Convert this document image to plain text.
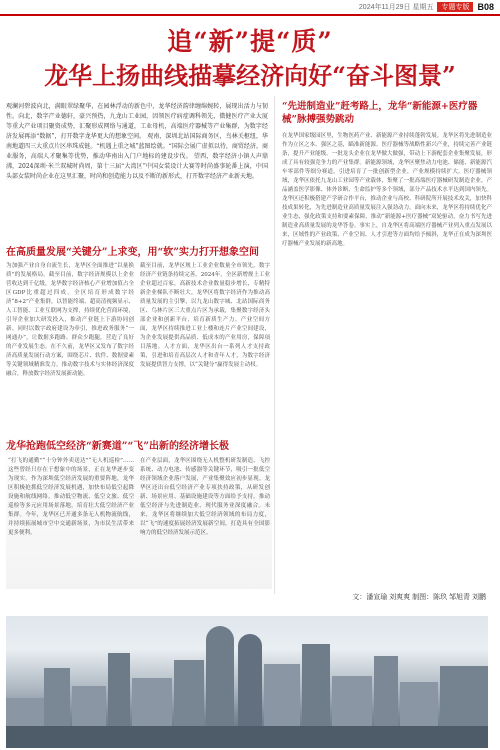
2024年11月29日 星期五	专题专版 B08
追“新”提“质”
龙华上扬曲线描摹经济向好“奋斗图景”
观澜河碧波向北，满眼翠绿聚华，在园林浮动的新色中，龙华经济韵律缠绵婉转，展现出活力与韧性。向北，数字产业德轩，豪兴预热，九龙山工业园，因领医疗病症调科领先，微健医疗产业大厦等重大产业项目聚资成势，汇聚形成网络与通道，工业母机，高端医疗器械等产业集群，为数字经济发展再添“数据”，打开数字龙华更大的想象空间。 观南，深圳北站国际商务区，鸟林关枢纽，华南地道四三大重点片区串珠成链。“机遇上重之城”蓝图绘就。“国际会展广虚拟以待，商贸经济，商业服务，高端人才聚集等优势，推动华南出入门户地标的建设步伐。 望西，数字经济小镇人声鼎沸，2024深圳·米兰双城时尚周，第十三届“大湾区”中国女装设计大赛等时尚盛事轮番上演，中国头部女装时尚企业在这里汇聚，时尚和创造能力以及不断的新形式，打开数字经济产业新天地。
在高质量发展“关键分”上求变，用“软”实力打开想象空间
为加强产业自身自流生长，龙华区全面推进“以量换质”的发展格局。截至目前，数字经济规模以上企业营收达到千亿级，龙华数字经济核心产业增加值占全区GDP比重超过四成。全区培育形成数字经济“8+2”产业集群，以智能终端、超高清视频显示、人工智能、工业互联网为支撑，持续优化营商环境，引导企业加大研发投入，推动产业链上下游协同创新。同时以数字政府建设为牵引，推进政务服务“一网通办”，让数据多跑路、群众少跑腿，营造了良好的产业发展生态。在不久前，龙华区又发布了数字经济高质量发展行动方案，围绕芯片、软件、数据要素等关键领域精准发力，推动数字技术与实体经济深度融合，释放数字经济发展新动能。
截至目前，龙华区规上工业企业数量全市领先，数字经济产业链条持续完善。2024年，全区新增规上工业企业超过百家，高新技术企业数量稳步增长，专精特新企业梯队不断壮大。龙华区将数字经济作为推动高质量发展的主引擎，以九龙山数字城、北站国际商务区、鸟林片区三大重点片区为承载，集聚数字经济头部企业和创新平台，培育新质生产力。产业空间方面，龙华区持续推进工业上楼和连片产业空间建设，为企业发展提供高品质、低成本的产业用房，保障项目落地。人才方面，龙华区出台一系列人才支持政策，引进和培育高层次人才和青年人才，为数字经济发展提供智力支撑，以“关键分”赢得发展主动权。
龙华抢跑低空经济“新赛道”“飞”出新的经济增长极
“打飞的通勤”“十分钟外卖送达”“无人机巡检”……这些曾经只存在于想象中的场景，正在龙华逐步变为现实。作为深圳低空经济发展的重要阵地，龙华区积极抢抓低空经济发展机遇，加快布局低空起降设施和航线网络，推动低空物流、低空文旅、低空巡检等多元应用场景落地，培育壮大低空经济产业集群。今年，龙华区已开通多条无人机物流航线，并持续拓展城市空中交通新场景，为市民生活带来更多便利。
在产业层面，龙华区围绕无人机整机研发制造、飞控系统、动力电池、传感器等关键环节，吸引一批低空经济领域企业落户发展，产业集聚效应初步显现。龙华区还出台低空经济产业专项扶持政策，从研发创新、场景应用、基础设施建设等方面给予支持，推动低空经济与先进制造业、现代服务业深度融合。未来，龙华区将继续加大低空经济领域的布局力度，以“飞”的速度拓展经济发展新空间，打造具有全国影响力的低空经济发展示范区。
“先进制造业”赶考路上，龙华“新能源+医疗器械”脉搏强势跳动
在龙华国家级园区里，生物医药产业、新能源产业持续蓬勃发展。龙华区将先进制造业作为立区之本、强区之基，瞄准新能源、医疗器械等战略性新兴产业，持续完善产业链条，提升产业能级。一批龙头企业在龙华做大做强，带动上下游配套企业集聚发展，形成了具有较强竞争力的产业集群。新能源领域，龙华区聚焦动力电池、储能、新能源汽车零部件等细分赛道，引进培育了一批创新型企业，产业规模持续扩大。医疗器械领域，龙华区依托九龙山工业园等产业载体，集聚了一批高端医疗器械研发制造企业，产品涵盖医学影像、体外诊断、生命监护等多个领域，部分产品技术水平达到国内领先。龙华区还积极搭建产学研合作平台，推动企业与高校、科研院所开展技术攻关，加快科技成果转化，为先进制造业高质量发展注入强劲动力。面向未来，龙华区将持续优化产业生态，强化政策支持和要素保障，推动“新能源+医疗器械”双轮驱动，奋力书写先进制造业高质量发展的龙华答卷。事实上，自龙华区将高端医疗器械产业列入重点发展以来，区域性的产业政策、产业空间、人才引进等方面均给予倾斜，龙华正在成为深圳医疗器械产业发展的新高地。
文：潘宣瑜 刘爽爽 制图：陈玖 邹旭青 刘鹏
